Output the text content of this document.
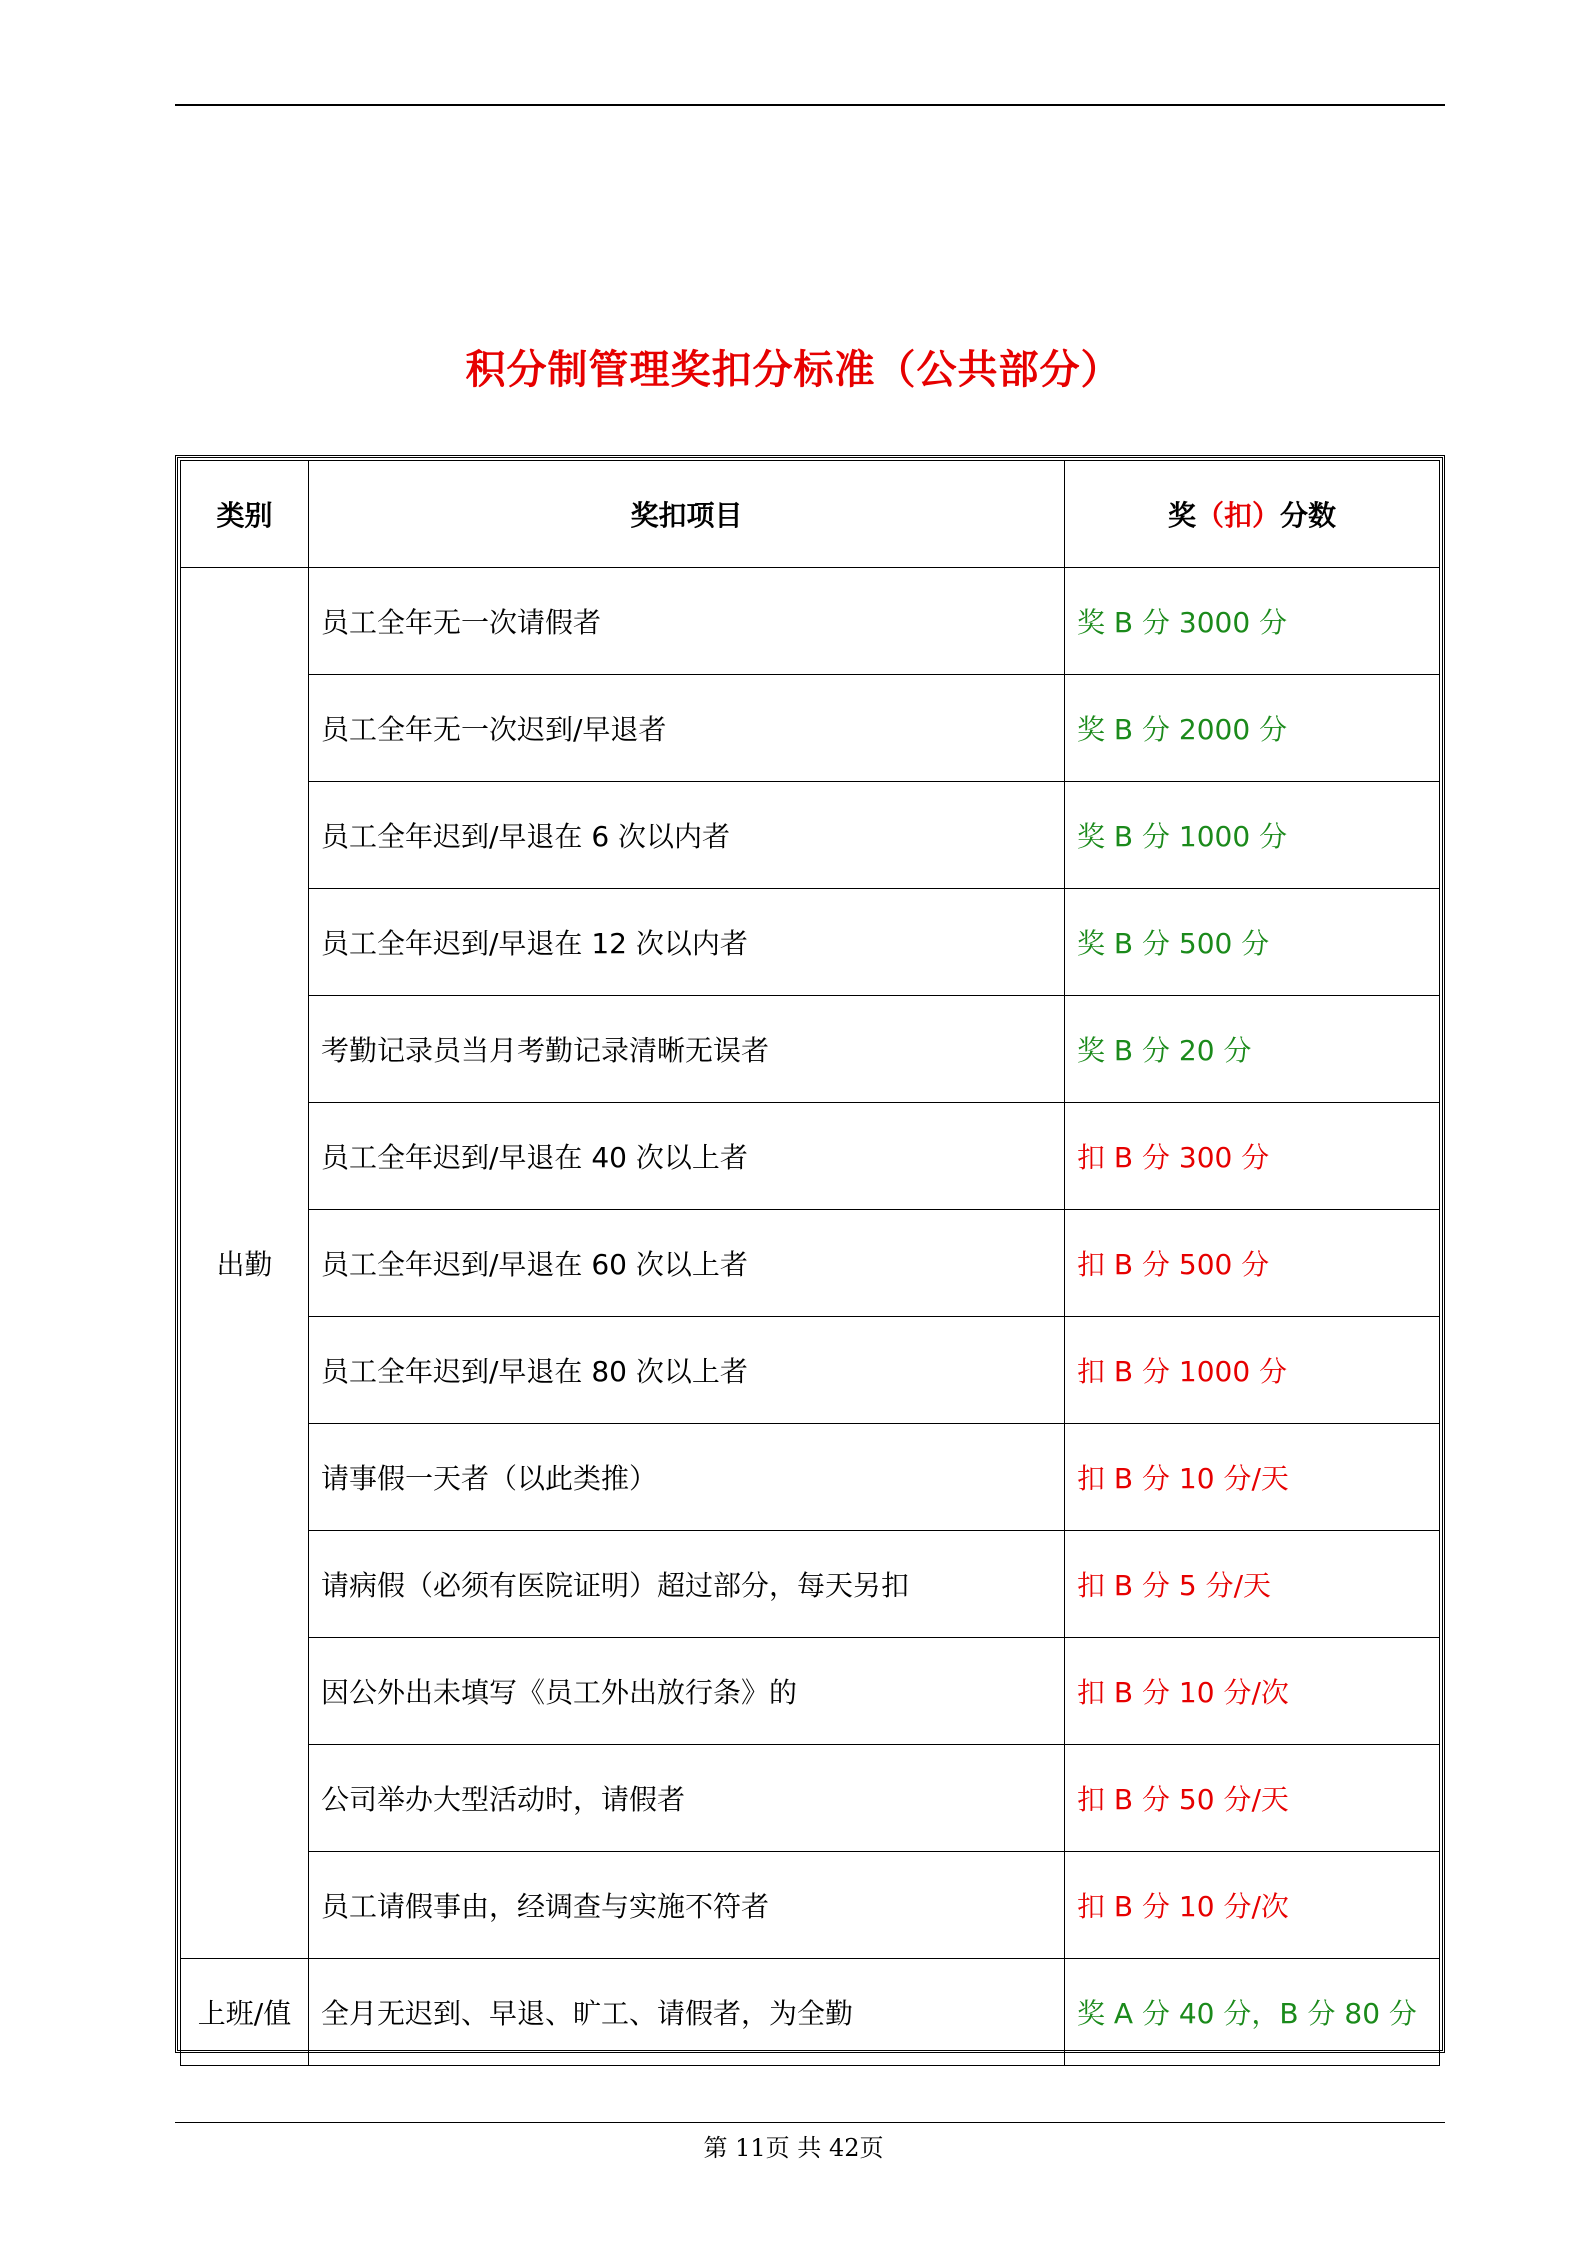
积分制管理奖扣分标准（公共部分）
类别	奖扣项目	奖（扣）分数
出勤	员工全年无一次请假者	奖 B 分 3000 分
	员工全年无一次迟到/早退者	奖 B 分 2000 分
	员工全年迟到/早退在 6 次以内者	奖 B 分 1000 分
	员工全年迟到/早退在 12 次以内者	奖 B 分 500 分
	考勤记录员当月考勤记录清晰无误者	奖 B 分 20 分
	员工全年迟到/早退在 40 次以上者	扣 B 分 300 分
	员工全年迟到/早退在 60 次以上者	扣 B 分 500 分
	员工全年迟到/早退在 80 次以上者	扣 B 分 1000 分
	请事假一天者（以此类推）	扣 B 分 10 分/天
	请病假（必须有医院证明）超过部分，每天另扣	扣 B 分 5 分/天
	因公外出未填写《员工外出放行条》的	扣 B 分 10 分/次
	公司举办大型活动时，请假者	扣 B 分 50 分/天
	员工请假事由，经调查与实施不符者	扣 B 分 10 分/次
上班/值	全月无迟到、早退、旷工、请假者，为全勤	奖 A 分 40 分，B 分 80 分
第 11页 共 42页
